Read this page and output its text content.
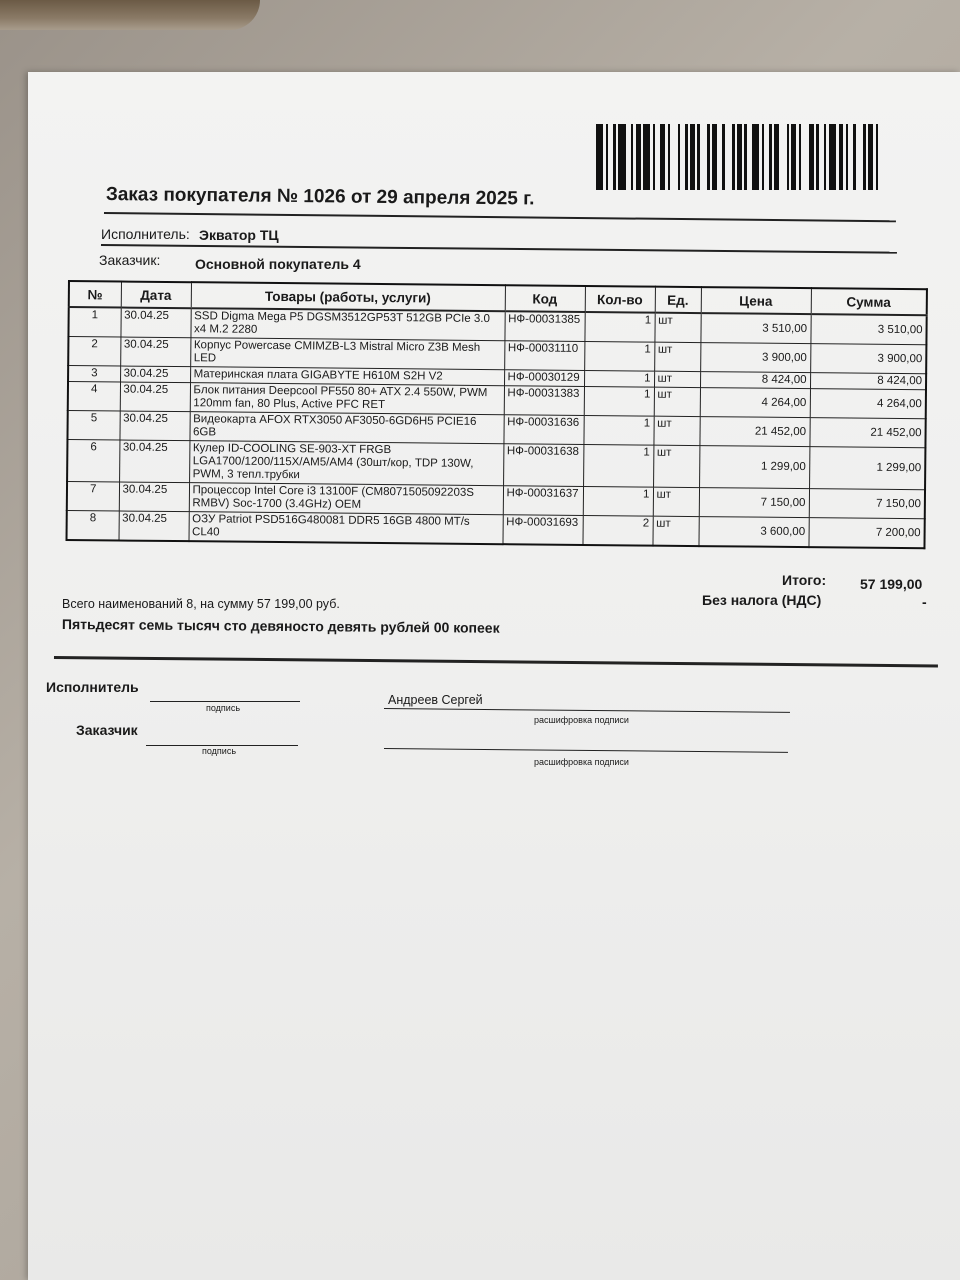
Заказ покупателя № 1026 от 29 апреля 2025 г.
Исполнитель: Экватор ТЦ
Заказчик: Основной покупатель 4
№	Дата	Товары (работы, услуги)	Код	Кол-во	Ед.	Цена	Сумма
1	30.04.25	SSD Digma Mega P5 DGSM3512GP53T 512GB PCIe 3.0 x4 M.2 2280	НФ-00031385	1	шт	3 510,00	3 510,00
2	30.04.25	Корпус Powercase CMIMZB-L3 Mistral Micro Z3B Mesh LED	НФ-00031110	1	шт	3 900,00	3 900,00
3	30.04.25	Материнская плата GIGABYTE H610M S2H V2	НФ-00030129	1	шт	8 424,00	8 424,00
4	30.04.25	Блок питания Deepcool PF550 80+ ATX 2.4 550W, PWM 120mm fan, 80 Plus, Active PFC RET	НФ-00031383	1	шт	4 264,00	4 264,00
5	30.04.25	Видеокарта AFOX RTX3050 AF3050-6GD6H5 PCIE16 6GB	НФ-00031636	1	шт	21 452,00	21 452,00
6	30.04.25	Кулер ID-COOLING SE-903-XT FRGB LGA1700/1200/115X/AM5/AM4 (30шт/кор, TDP 130W, PWM, 3 тепл.трубки	НФ-00031638	1	шт	1 299,00	1 299,00
7	30.04.25	Процессор Intel Core i3 13100F (CM8071505092203S RMBV) Soc-1700 (3.4GHz) OEM	НФ-00031637	1	шт	7 150,00	7 150,00
8	30.04.25	ОЗУ Patriot PSD516G480081 DDR5 16GB 4800 MT/s CL40	НФ-00031693	2	шт	3 600,00	7 200,00
Итого: 57 199,00
Без налога (НДС)	-
Всего наименований 8, на сумму 57 199,00 руб.
Пятьдесят семь тысяч сто девяносто девять рублей 00 копеек
Исполнитель
подпись
Андреев Сергей
расшифровка подписи
Заказчик
подпись
расшифровка подписи
